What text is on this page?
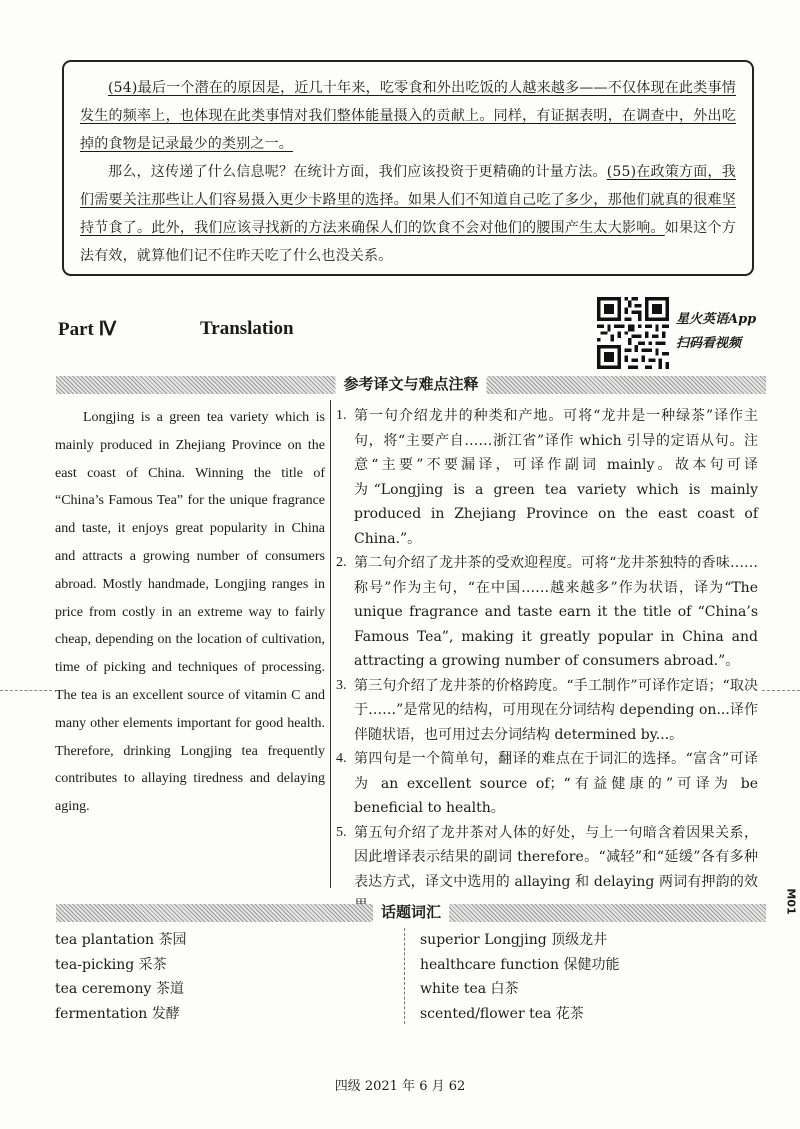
(54)最后一个潜在的原因是，近几十年来，吃零食和外出吃饭的人越来越多——不仅体现在此类事情发生的频率上，也体现在此类事情对我们整体能量摄入的贡献上。同样，有证据表明，在调查中，外出吃掉的食物是记录最少的类别之一。

那么，这传递了什么信息呢？在统计方面，我们应该投资于更精确的计量方法。(55)在政策方面，我们需要关注那些让人们容易摄入更少卡路里的选择。如果人们不知道自己吃了多少，那他们就真的很难坚持节食了。此外，我们应该寻找新的方法来确保人们的饮食不会对他们的腰围产生太大影响。如果这个方法有效，就算他们记不住昨天吃了什么也没关系。

Part Ⅳ	Translation	星火英语App
扫码看视频
参考译文与难点注释

Longjing is a green tea variety which is mainly produced in Zhejiang Province on the east coast of China. Winning the title of “China’s Famous Tea” for the unique fragrance and taste, it enjoys great popularity in China and attracts a growing number of consumers abroad. Mostly handmade, Longjing ranges in price from costly in an extreme way to fairly cheap, depending on the location of cultivation, time of picking and techniques of processing. The tea is an excellent source of vitamin C and many other elements important for good health. Therefore, drinking Longjing tea frequently contributes to allaying tiredness and delaying aging.

1. 第一句介绍龙井的种类和产地。可将“龙井是一种绿茶”译作主句，将“主要产自……浙江省”译作 which 引导的定语从句。注意“主要”不要漏译，可译作副词 mainly。故本句可译为“Longjing is a green tea variety which is mainly produced in Zhejiang Province on the east coast of China.”。
2. 第二句介绍了龙井茶的受欢迎程度。可将“龙井茶独特的香味……称号”作为主句，“在中国……越来越多”作为状语，译为“The unique fragrance and taste earn it the title of “China’s Famous Tea”, making it greatly popular in China and attracting a growing number of consumers abroad.”。
3. 第三句介绍了龙井茶的价格跨度。“手工制作”可译作定语；“取决于……”是常见的结构，可用现在分词结构 depending on...译作伴随状语，也可用过去分词结构 determined by...。
4. 第四句是一个简单句，翻译的难点在于词汇的选择。“富含”可译为 an excellent source of；“有益健康的”可译为 be beneficial to health。
5. 第五句介绍了龙井茶对人体的好处，与上一句暗含着因果关系，因此增译表示结果的副词 therefore。“减轻”和“延缓”各有多种表达方式，译文中选用的 allaying 和 delaying 两词有押韵的效
话题词汇
tea plantation 茶园
tea-picking 采茶
tea ceremony 茶道
fermentation 发酵
superior Longjing 顶级龙井
healthcare function 保健功能
white tea 白茶
scented/flower tea 花茶
M01
四级 2021 年 6 月 62
